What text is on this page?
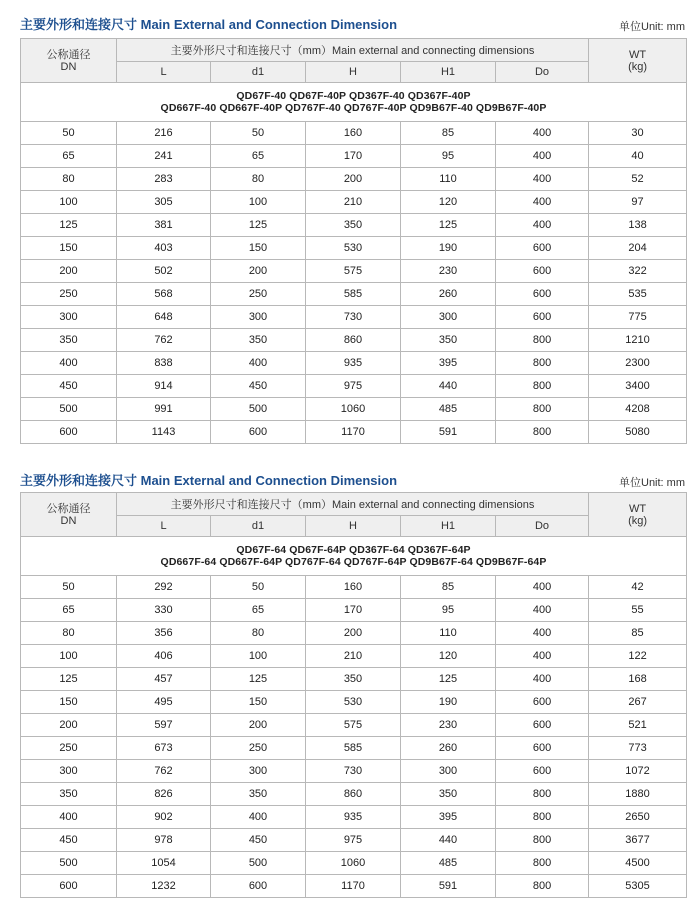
主要外形和连接尺寸 Main External and Connection Dimension	单位Unit: mm
公称通径
DN	主要外形尺寸和连接尺寸（mm）Main external and connecting dimensions					WT
(kg)

	L	d1	H	H1	Do	

QD67F-40 QD67F-40P QD367F-40 QD367F-40P
QD667F-40 QD667F-40P QD767F-40 QD767F-40P QD9B67F-40 QD9B67F-40P						

50	216	50	160	85	400	30
65	241	65	170	95	400	40
80	283	80	200	110	400	52
100	305	100	210	120	400	97
125	381	125	350	125	400	138
150	403	150	530	190	600	204
200	502	200	575	230	600	322
250	568	250	585	260	600	535
300	648	300	730	300	600	775
350	762	350	860	350	800	1210
400	838	400	935	395	800	2300
450	914	450	975	440	800	3400
500	991	500	1060	485	800	4208
600	1143	600	1170	591	800	5080
主要外形和连接尺寸 Main External and Connection Dimension	单位Unit: mm
公称通径
DN	主要外形尺寸和连接尺寸（mm）Main external and connecting dimensions					WT
(kg)

	L	d1	H	H1	Do	

QD67F-64 QD67F-64P QD367F-64 QD367F-64P
QD667F-64 QD667F-64P QD767F-64 QD767F-64P QD9B67F-64 QD9B67F-64P						

50	292	50	160	85	400	42
65	330	65	170	95	400	55
80	356	80	200	110	400	85
100	406	100	210	120	400	122
125	457	125	350	125	400	168
150	495	150	530	190	600	267
200	597	200	575	230	600	521
250	673	250	585	260	600	773
300	762	300	730	300	600	1072
350	826	350	860	350	800	1880
400	902	400	935	395	800	2650
450	978	450	975	440	800	3677
500	1054	500	1060	485	800	4500
600	1232	600	1170	591	800	5305
